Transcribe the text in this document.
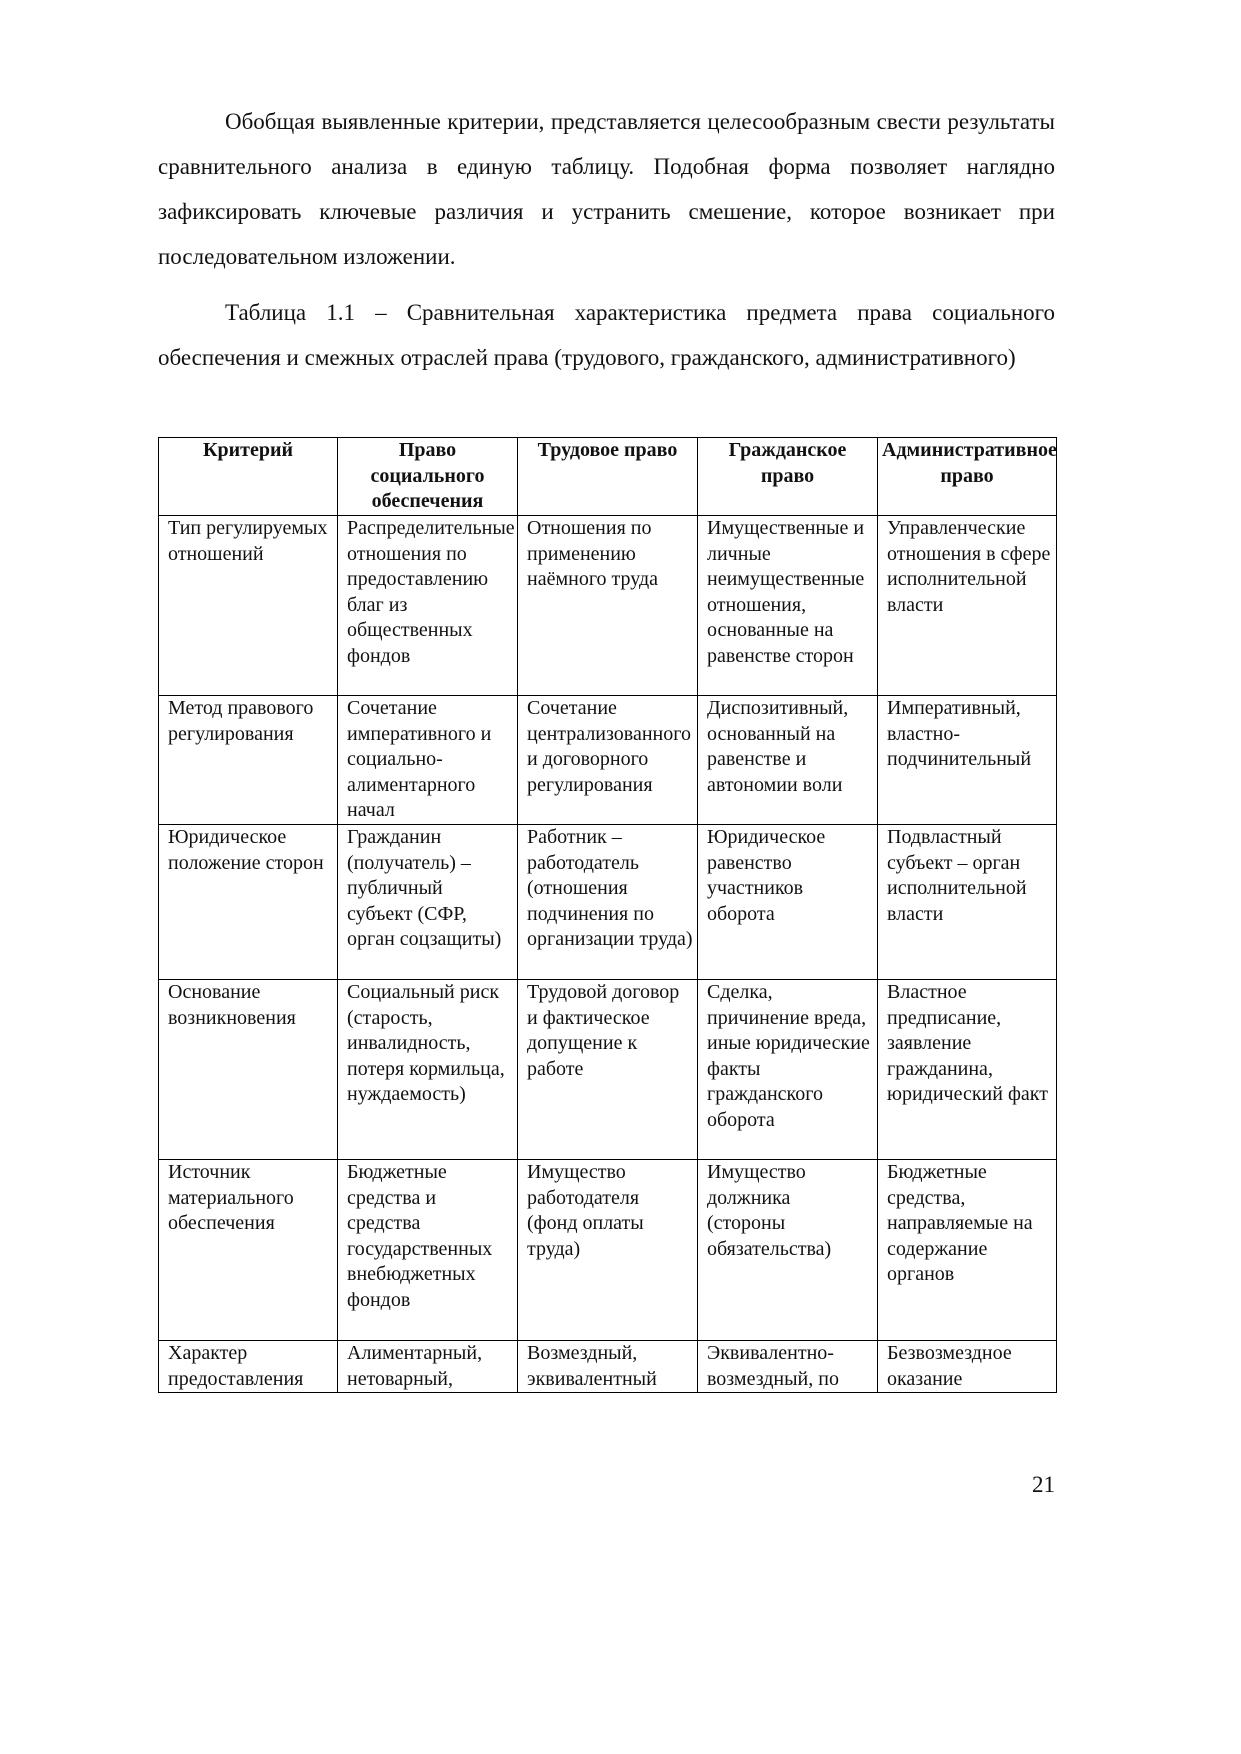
Обобщая выявленные критерии, представляется целесообразным свести результаты сравнительного анализа в единую таблицу. Подобная форма позволяет наглядно зафиксировать ключевые различия и устранить смешение, которое возникает при последовательном изложении.

Таблица 1.1 – Сравнительная характеристика предмета права социального обеспечения и смежных отраслей права (трудового, гражданского, административного)

Критерий	Право социального обеспечения	Трудовое право	Гражданское право	Административное право
Тип регулируемых отношений	Распределительные отношения по предоставлению благ из общественных фондов	Отношения по применению наёмного труда	Имущественные и личные неимущественные отношения, основанные на равенстве сторон	Управленческие отношения в сфере исполнительной власти
Метод правового регулирования	Сочетание императивного и социально-алиментарного начал	Сочетание централизованного и договорного регулирования	Диспозитивный, основанный на равенстве и автономии воли	Императивный, властно-подчинительный
Юридическое положение сторон	Гражданин (получатель) – публичный субъект (СФР, орган соцзащиты)	Работник – работодатель (отношения подчинения по организации труда)	Юридическое равенство участников оборота	Подвластный субъект – орган исполнительной власти
Основание возникновения	Социальный риск (старость, инвалидность, потеря кормильца, нуждаемость)	Трудовой договор и фактическое допущение к работе	Сделка, причинение вреда, иные юридические факты гражданского оборота	Властное предписание, заявление гражданина, юридический факт
Источник материального обеспечения	Бюджетные средства и средства государственных внебюджетных фондов	Имущество работодателя (фонд оплаты труда)	Имущество должника (стороны обязательства)	Бюджетные средства, направляемые на содержание органов
Характер предоставления	Алиментарный, нетоварный,	Возмездный, эквивалентный	Эквивалентно-возмездный, по	Безвозмездное оказание
21
